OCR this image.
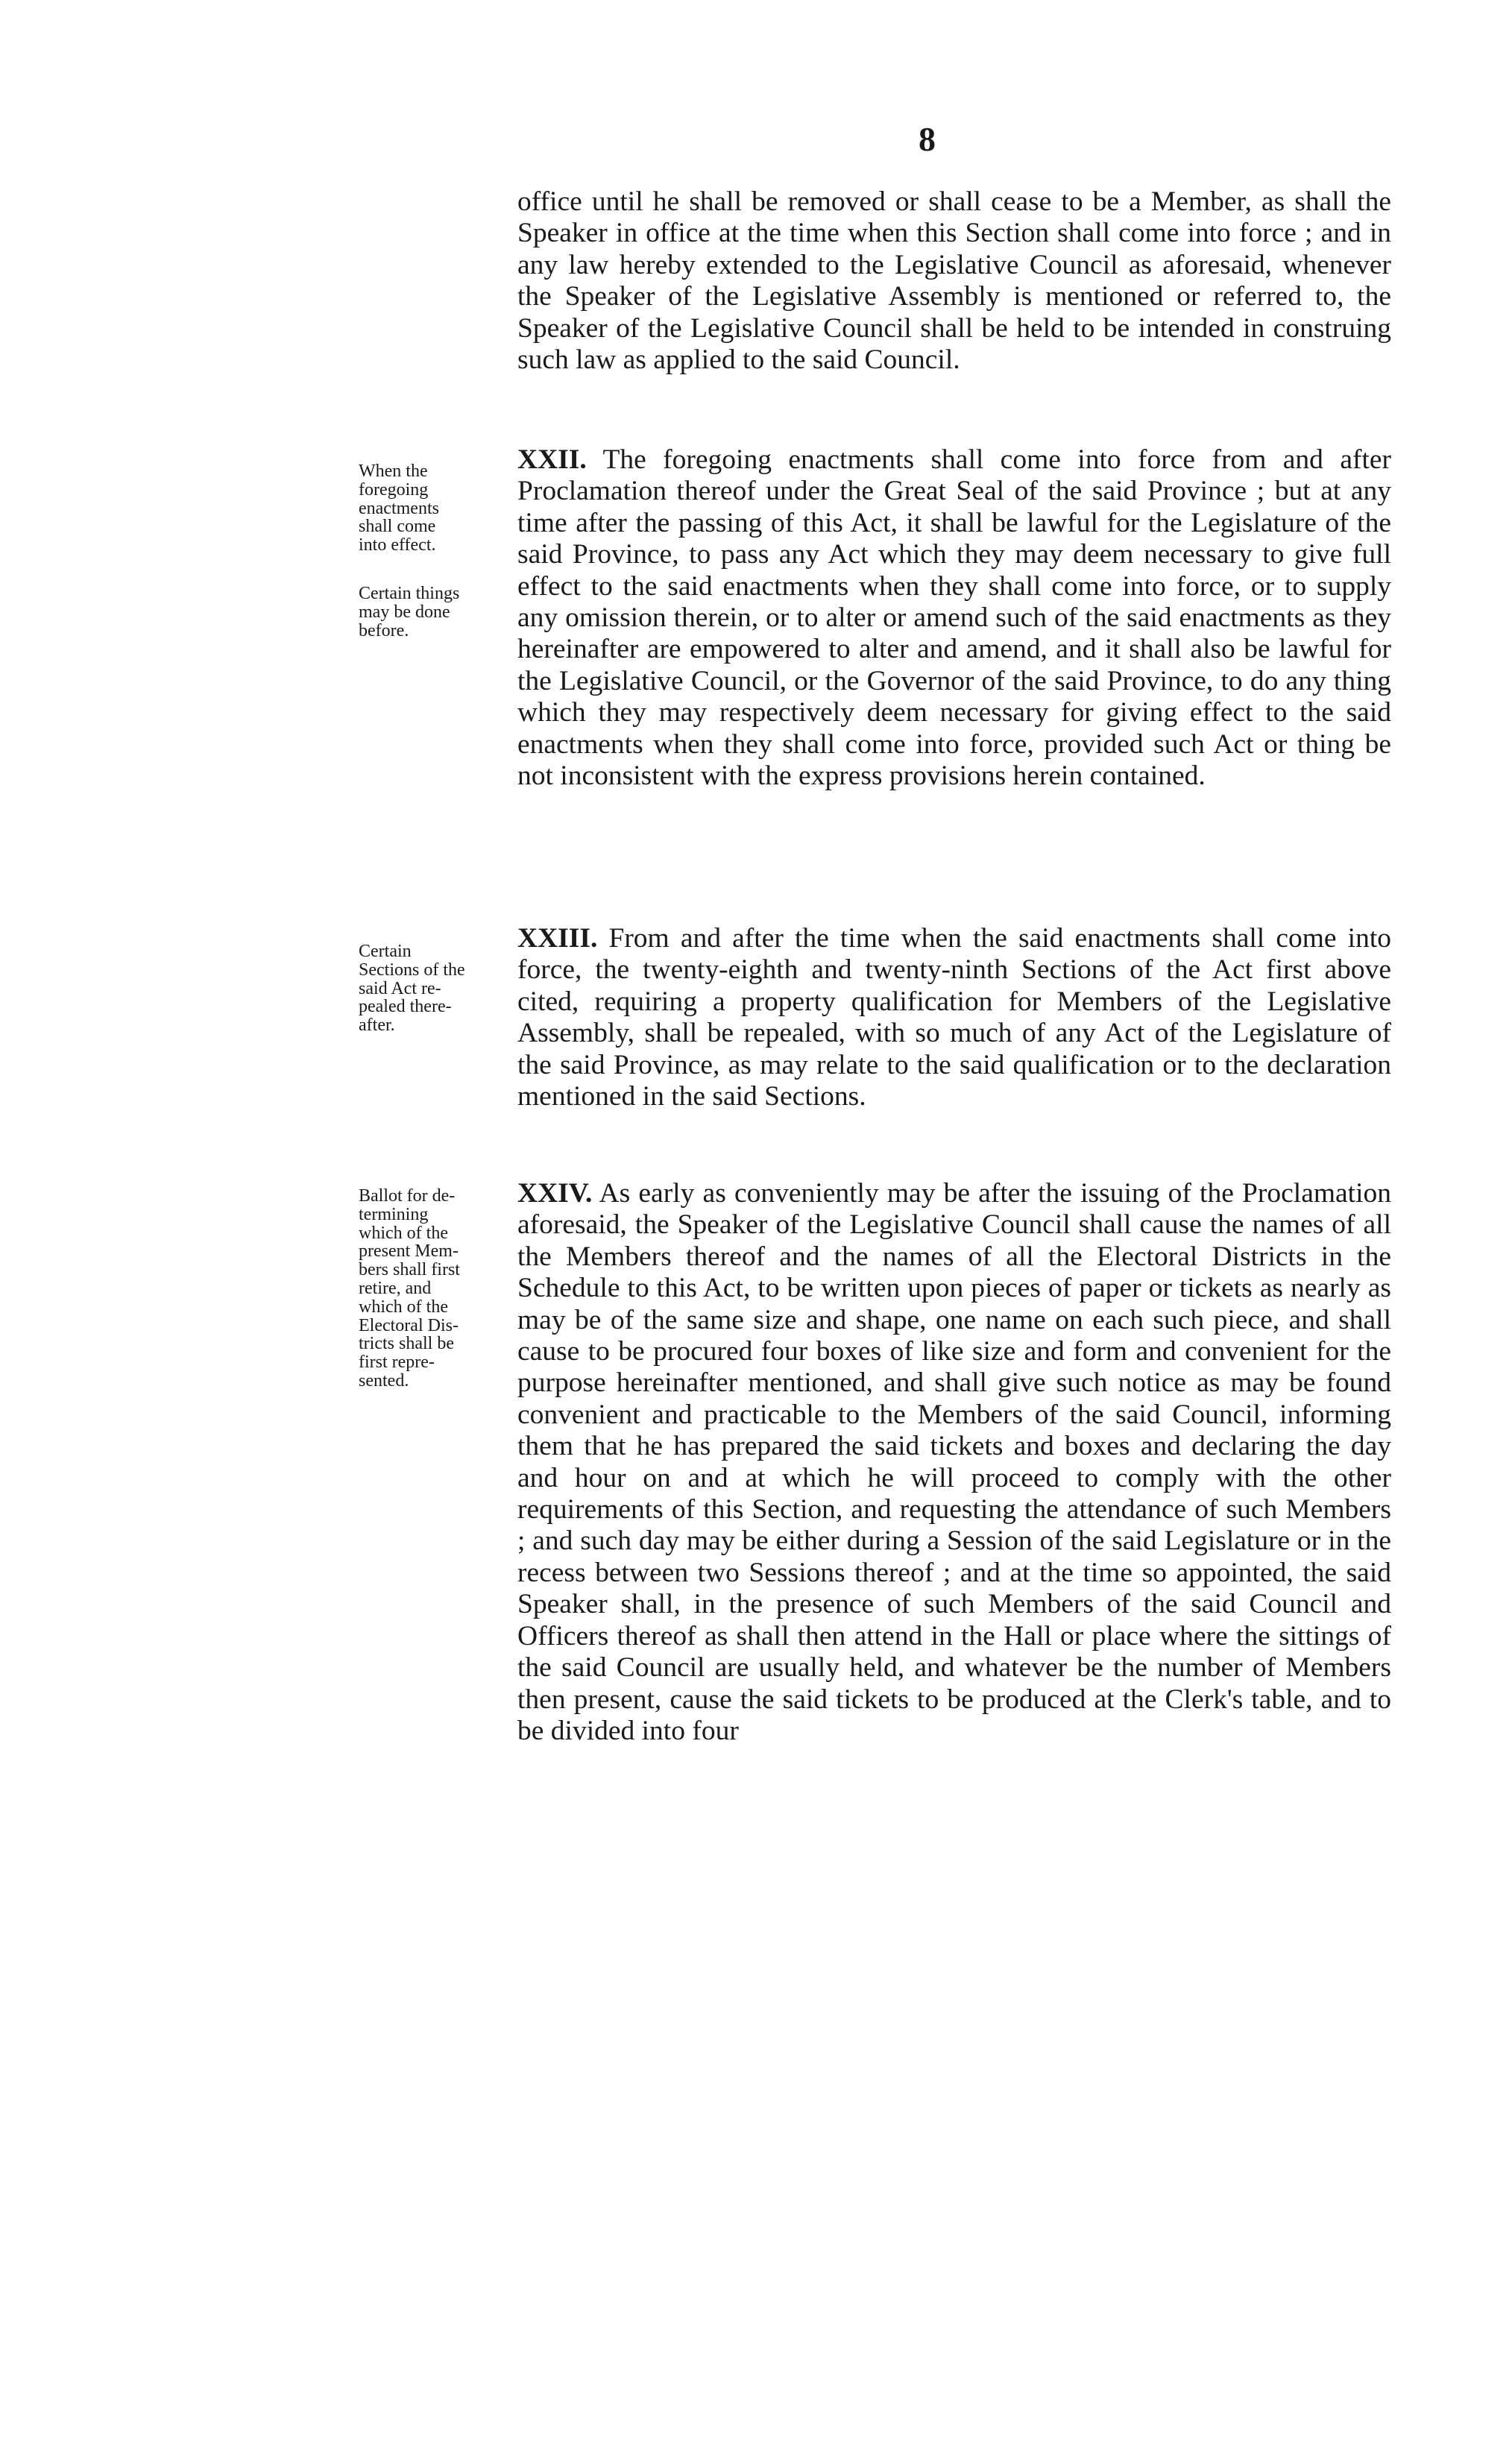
8

office until he shall be removed or shall cease to be a Member, as shall the Speaker in office at the time when this Section shall come into force ; and in any law hereby extended to the Legislative Council as aforesaid, whenever the Speaker of the Legislative Assembly is mentioned or referred to, the Speaker of the Legislative Council shall be held to be intended in construing such law as applied to the said Council.

XXII. The foregoing enactments shall come into force from and after Proclamation thereof under the Great Seal of the said Province ; but at any time after the passing of this Act, it shall be lawful for the Legislature of the said Province, to pass any Act which they may deem necessary to give full effect to the said enactments when they shall come into force, or to supply any omission therein, or to alter or amend such of the said enactments as they hereinafter are empowered to alter and amend, and it shall also be lawful for the Legislative Council, or the Governor of the said Province, to do any thing which they may respectively deem necessary for giving effect to the said enactments when they shall come into force, provided such Act or thing be not inconsistent with the express provisions herein contained.

When the
foregoing
enactments
shall come
into effect.
Certain things
may be done
before.

XXIII. From and after the time when the said enactments shall come into force, the twenty-eighth and twenty-ninth Sections of the Act first above cited, requiring a property qualification for Members of the Legislative Assembly, shall be repealed, with so much of any Act of the Legislature of the said Province, as may relate to the said qualification or to the declaration mentioned in the said Sections.

Certain
Sections of the
said Act re-
pealed there-
after.

XXIV. As early as conveniently may be after the issuing of the Proclamation aforesaid, the Speaker of the Legislative Council shall cause the names of all the Members thereof and the names of all the Electoral Districts in the Schedule to this Act, to be written upon pieces of paper or tickets as nearly as may be of the same size and shape, one name on each such piece, and shall cause to be procured four boxes of like size and form and convenient for the purpose hereinafter mentioned, and shall give such notice as may be found convenient and practicable to the Members of the said Council, informing them that he has prepared the said tickets and boxes and declaring the day and hour on and at which he will proceed to comply with the other requirements of this Section, and requesting the attendance of such Members ; and such day may be either during a Session of the said Legislature or in the recess between two Sessions thereof ; and at the time so appointed, the said Speaker shall, in the presence of such Members of the said Council and Officers thereof as shall then attend in the Hall or place where the sittings of the said Council are usually held, and whatever be the number of Members then present, cause the said tickets to be produced at the Clerk's table, and to be divided into four

Ballot for de-
termining
which of the
present Mem-
bers shall first
retire, and
which of the
Electoral Dis-
tricts shall be
first repre-
sented.
